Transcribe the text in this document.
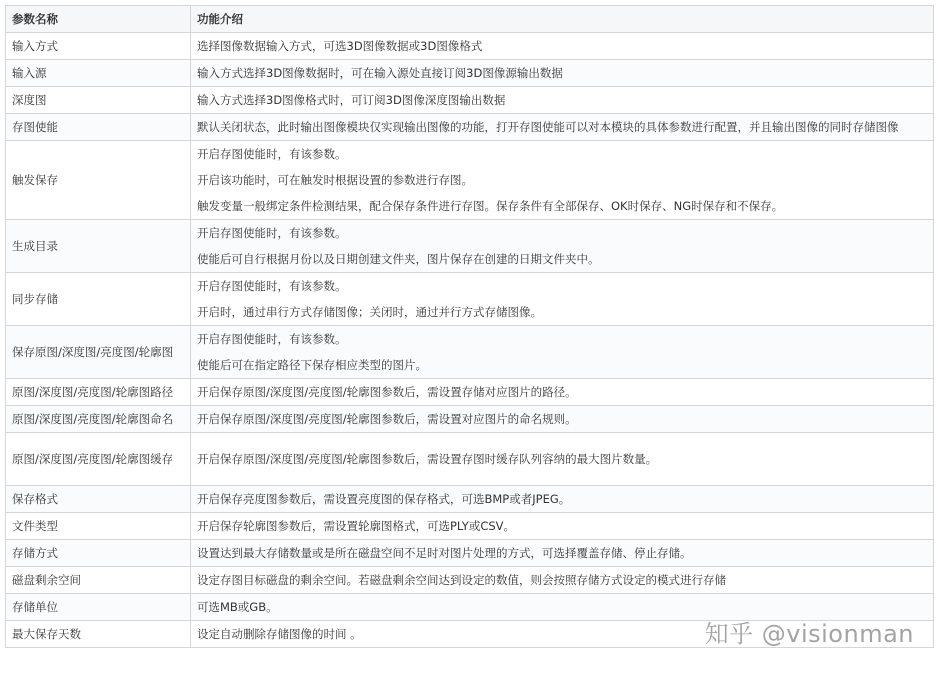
参数名称	功能介绍
输入方式	选择图像数据输入方式，可选3D图像数据或3D图像格式

输入源	输入方式选择3D图像数据时，可在输入源处直接订阅3D图像源输出数据

深度图	输入方式选择3D图像格式时，可订阅3D图像深度图输出数据

存图使能	默认关闭状态，此时输出图像模块仅实现输出图像的功能，打开存图使能可以对本模块的具体参数进行配置，并且输出图像的同时存储图像

触发保存	开启存图使能时，有该参数。
开启该功能时，可在触发时根据设置的参数进行存图。
触发变量一般绑定条件检测结果，配合保存条件进行存图。保存条件有全部保存、OK时保存、NG时保存和不保存。

生成目录	开启存图使能时，有该参数。
使能后可自行根据月份以及日期创建文件夹，图片保存在创建的日期文件夹中。

同步存储	开启存图使能时，有该参数。
开启时，通过串行方式存储图像；关闭时，通过并行方式存储图像。

保存原图/深度图/亮度图/轮廓图	开启存图使能时，有该参数。
使能后可在指定路径下保存相应类型的图片。

原图/深度图/亮度图/轮廓图路径	开启保存原图/深度图/亮度图/轮廓图参数后，需设置存储对应图片的路径。

原图/深度图/亮度图/轮廓图命名	开启保存原图/深度图/亮度图/轮廓图参数后，需设置对应图片的命名规则。

原图/深度图/亮度图/轮廓图缓存	开启保存原图/深度图/亮度图/轮廓图参数后，需设置存图时缓存队列容纳的最大图片数量。

保存格式	开启保存亮度图参数后，需设置亮度图的保存格式，可选BMP或者JPEG。

文件类型	开启保存轮廓图参数后，需设置轮廓图格式，可选PLY或CSV。

存储方式	设置达到最大存储数量或是所在磁盘空间不足时对图片处理的方式，可选择覆盖存储、停止存储。

磁盘剩余空间	设定存图目标磁盘的剩余空间。若磁盘剩余空间达到设定的数值，则会按照存储方式设定的模式进行存储

存储单位	可选MB或GB。

最大保存天数	设定自动删除存储图像的时间 。	知乎 @visionman
